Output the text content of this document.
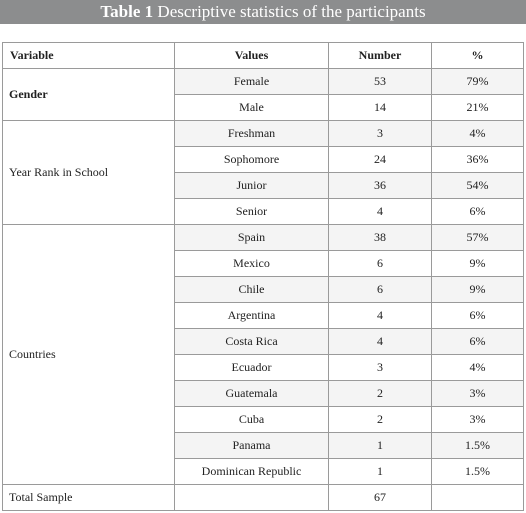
Table 1 Descriptive statistics of the participants
Variable	Values	Number	%
Gender	Female	53	79%
	Male	14	21%
Year Rank in School	Freshman	3	4%
	Sophomore	24	36%
	Junior	36	54%
	Senior	4	6%
Countries	Spain	38	57%
	Mexico	6	9%
	Chile	6	9%
	Argentina	4	6%
	Costa Rica	4	6%
	Ecuador	3	4%
	Guatemala	2	3%
	Cuba	2	3%
	Panama	1	1.5%
	Dominican Republic	1	1.5%
Total Sample		67	
